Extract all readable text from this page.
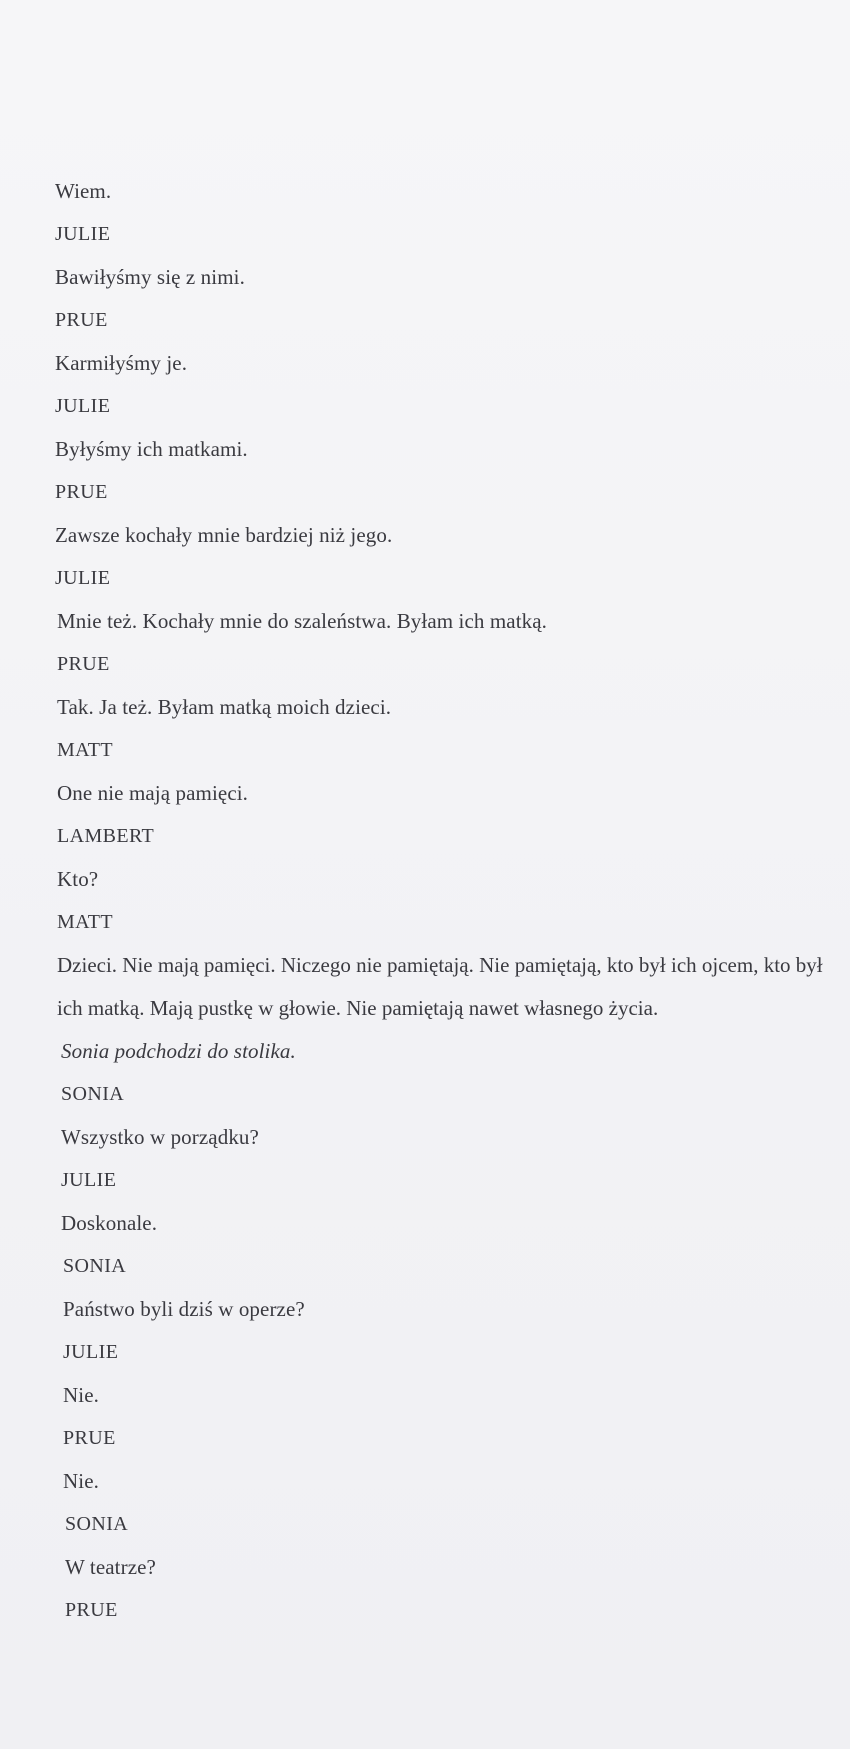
Wiem.
JULIE
Bawiłyśmy się z nimi.
PRUE
Karmiłyśmy je.
JULIE
Byłyśmy ich matkami.
PRUE
Zawsze kochały mnie bardziej niż jego.
JULIE
Mnie też. Kochały mnie do szaleństwa. Byłam ich matką.
PRUE
Tak. Ja też. Byłam matką moich dzieci.
MATT
One nie mają pamięci.
LAMBERT
Kto?
MATT
Dzieci. Nie mają pamięci. Niczego nie pamiętają. Nie pamiętają, kto był ich ojcem, kto był ich matką. Mają pustkę w głowie. Nie pamiętają nawet własnego życia.
Sonia podchodzi do stolika.
SONIA
Wszystko w porządku?
JULIE
Doskonale.
SONIA
Państwo byli dziś w operze?
JULIE
Nie.
PRUE
Nie.
SONIA
W teatrze?
PRUE
